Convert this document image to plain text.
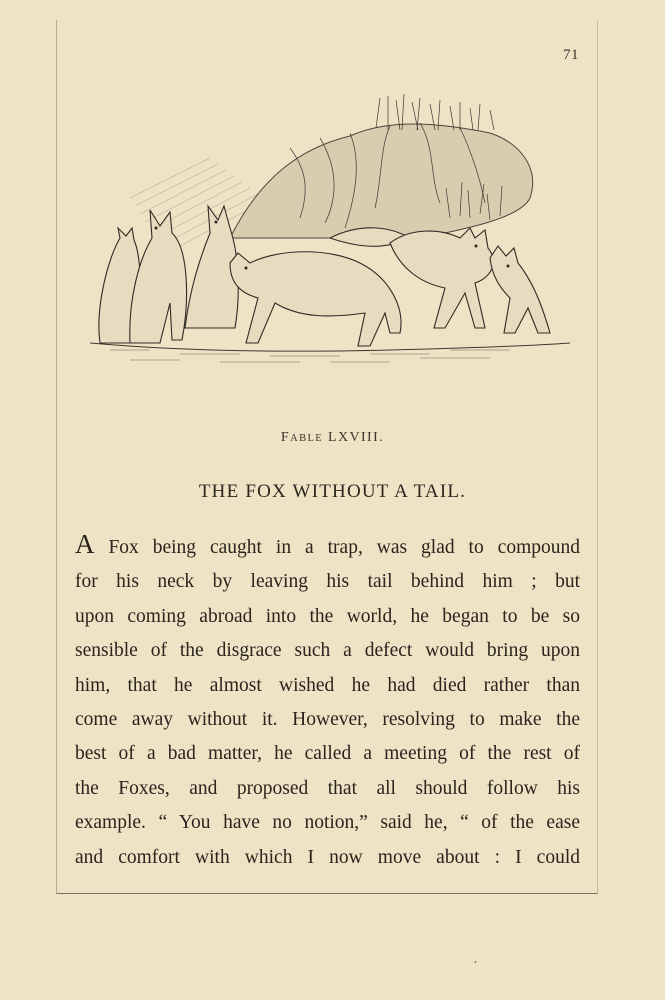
71
FABLE LXVIII.
THE FOX WITHOUT A TAIL.
A Fox being caught in a trap, was glad to compound
for his neck by leaving his tail behind him ; but
upon coming abroad into the world, he began to be so
sensible of the disgrace such a defect would bring upon
him, that he almost wished he had died rather than
come away without it. However, resolving to make the
best of a bad matter, he called a meeting of the rest of
the Foxes, and proposed that all should follow his
example. “ You have no notion,” said he, “ of the ease
and comfort with which I now move about : I could
•
